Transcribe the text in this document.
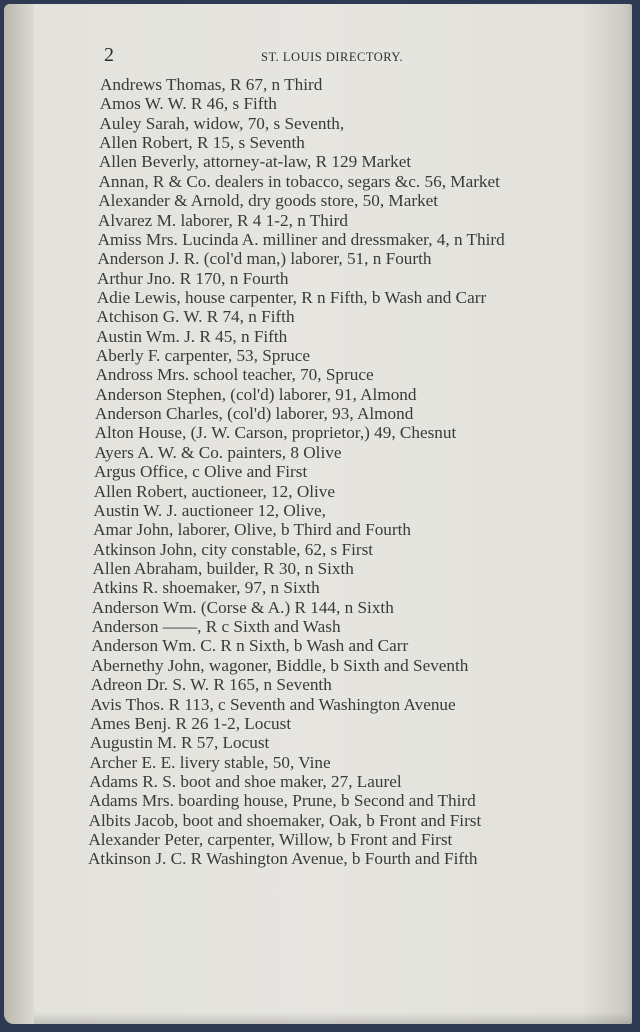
2	ST. LOUIS DIRECTORY.
Andrews Thomas, R 67, n Third
Amos W. W. R 46, s Fifth
Auley Sarah, widow, 70, s Seventh,
Allen Robert, R 15, s Seventh
Allen Beverly, attorney-at-law, R 129 Market
Annan, R & Co. dealers in tobacco, segars &c. 56, Market
Alexander & Arnold, dry goods store, 50, Market
Alvarez M. laborer, R 4 1-2, n Third
Amiss Mrs. Lucinda A. milliner and dressmaker, 4, n Third
Anderson J. R. (col'd man,) laborer, 51, n Fourth
Arthur Jno. R 170, n Fourth
Adie Lewis, house carpenter, R n Fifth, b Wash and Carr
Atchison G. W. R 74, n Fifth
Austin Wm. J. R 45, n Fifth
Aberly F. carpenter, 53, Spruce
Andross Mrs. school teacher, 70, Spruce
Anderson Stephen, (col'd) laborer, 91, Almond
Anderson Charles, (col'd) laborer, 93, Almond
Alton House, (J. W. Carson, proprietor,) 49, Chesnut
Ayers A. W. & Co. painters, 8 Olive
Argus Office, c Olive and First
Allen Robert, auctioneer, 12, Olive
Austin W. J. auctioneer 12, Olive,
Amar John, laborer, Olive, b Third and Fourth
Atkinson John, city constable, 62, s First
Allen Abraham, builder, R 30, n Sixth
Atkins R. shoemaker, 97, n Sixth
Anderson Wm. (Corse & A.) R 144, n Sixth
Anderson ——, R c Sixth and Wash
Anderson Wm. C. R n Sixth, b Wash and Carr
Abernethy John, wagoner, Biddle, b Sixth and Seventh
Adreon Dr. S. W. R 165, n Seventh
Avis Thos. R 113, c Seventh and Washington Avenue
Ames Benj. R 26 1-2, Locust
Augustin M. R 57, Locust
Archer E. E. livery stable, 50, Vine
Adams R. S. boot and shoe maker, 27, Laurel
Adams Mrs. boarding house, Prune, b Second and Third
Albits Jacob, boot and shoemaker, Oak, b Front and First
Alexander Peter, carpenter, Willow, b Front and First
Atkinson J. C. R Washington Avenue, b Fourth and Fifth
